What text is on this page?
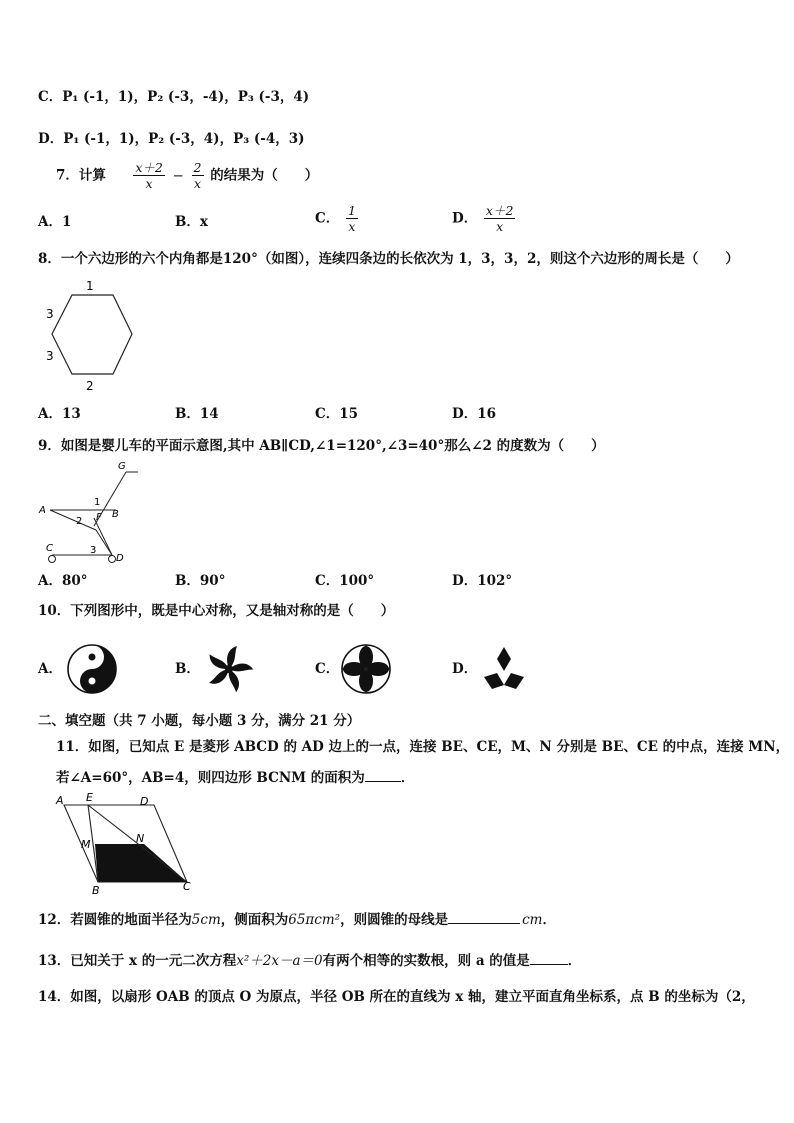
C．P₁ (-1，1)，P₂ (-3，-4)，P₃ (-3，4)
D．P₁ (-1，1)，P₂ (-3，4)，P₃ (-4，3)
7．计算 $\frac{x+2}{x} - \frac{2}{x}$ 的结果为（　　）
A．1	B．x	C． $\frac{1}{x}$	D． $\frac{x+2}{x}$
8．一个六边形的六个内角都是120°（如图），连续四条边的长依次为 1，3，3，2，则这个六边形的周长是（　　）
1
3
3
2
A．13	B．14	C．15	D．16
9．如图是婴儿车的平面示意图,其中 AB∥CD,∠1=120°,∠3=40°那么∠2 的度数为（　　）
G
A	B
F
C
D
1
2
3
A．80°	B．90°	C．100°	D．102°
10．下列图形中，既是中心对称，又是轴对称的是（　　）
A．	B．	C．	D．
二、填空题（共 7 小题，每小题 3 分，满分 21 分）
11．如图，已知点 E 是菱形 ABCD 的 AD 边上的一点，连接 BE、CE，M、N 分别是 BE、CE 的中点，连接 MN，
若∠A=60°，AB=4，则四边形 BCNM 的面积为	．
A E	D
M	N
B	C
12．若圆锥的地面半径为5cm，侧面积为65πcm²，则圆锥的母线是	cm．
13．已知关于 x 的一元二次方程x²＋2x－a＝0有两个相等的实数根，则 a 的值是	．
14．如图，以扇形 OAB 的顶点 O 为原点，半径 OB 所在的直线为 x 轴，建立平面直角坐标系，点 B 的坐标为（2，
